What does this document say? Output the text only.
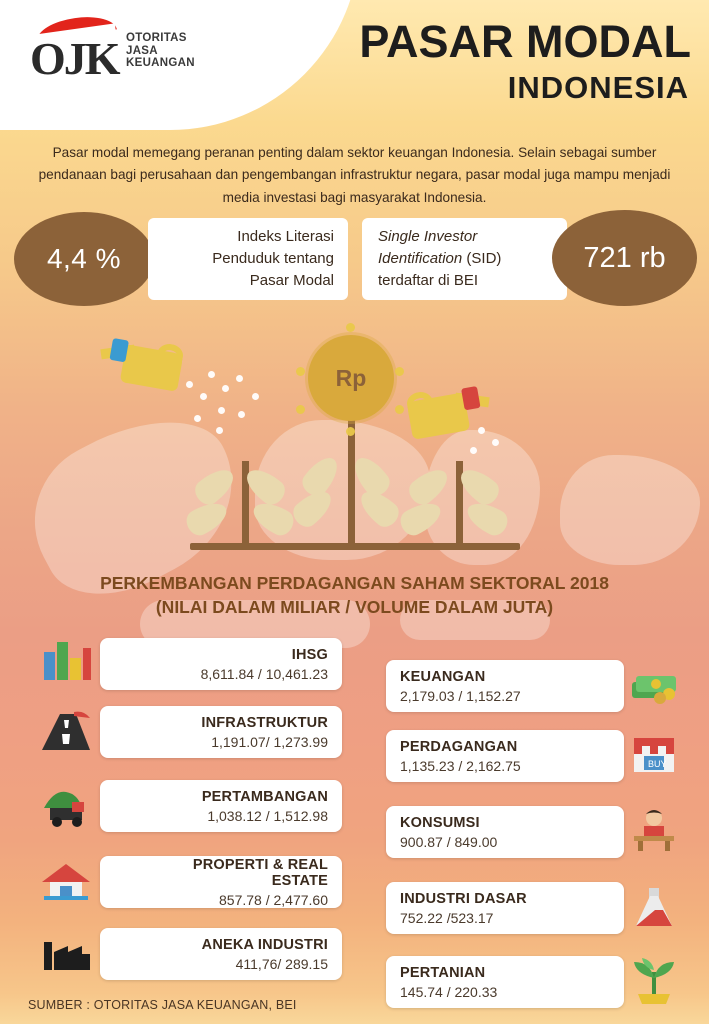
OJK OTORITAS
JASA
KEUANGAN	PASAR MODAL
INDONESIA
Pasar modal memegang peranan penting dalam sektor keuangan Indonesia. Selain sebagai sumber pendanaan bagi perusahaan dan pengembangan infrastruktur negara, pasar modal juga mampu menjadi media investasi bagi masyarakat Indonesia.
4,4 %
Indeks Literasi
Penduduk tentang
Pasar Modal
Single Investor
Identification (SID)
terdaftar di BEI
721 rb
Rp
PERKEMBANGAN PERDAGANGAN SAHAM SEKTORAL 2018
(NILAI DALAM MILIAR / VOLUME DALAM JUTA)
IHSG
8,611.84 / 10,461.23
INFRASTRUKTUR
1,191.07/ 1,273.99
PERTAMBANGAN
1,038.12 / 1,512.98
PROPERTI & REAL ESTATE
857.78 / 2,477.60
ANEKA INDUSTRI
411,76/ 289.15
KEUANGAN
2,179.03 / 1,152.27
BUY
PERDAGANGAN
1,135.23 / 2,162.75
KONSUMSI
900.87 / 849.00
INDUSTRI DASAR
752.22 /523.17
PERTANIAN
145.74 / 220.33
SUMBER : OTORITAS JASA KEUANGAN, BEI
